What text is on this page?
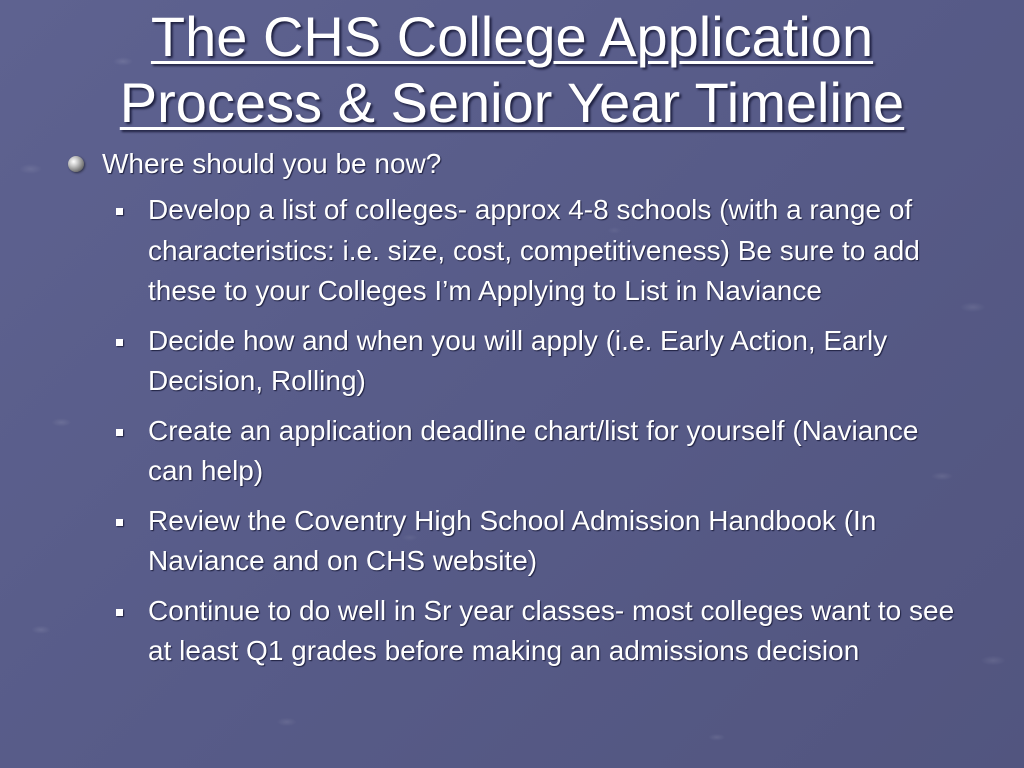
The CHS College Application
Process & Senior Year Timeline
Where should you be now?
Develop a list of colleges- approx 4-8 schools (with a range of characteristics: i.e. size, cost, competitiveness) Be sure to add these to your Colleges I’m Applying to List in Naviance
Decide how and when you will apply (i.e. Early Action, Early Decision, Rolling)
Create an application deadline chart/list for yourself (Naviance can help)
Review the Coventry High School Admission Handbook (In Naviance and on CHS website)
Continue to do well in Sr year classes- most colleges want to see at least Q1 grades before making an admissions decision
